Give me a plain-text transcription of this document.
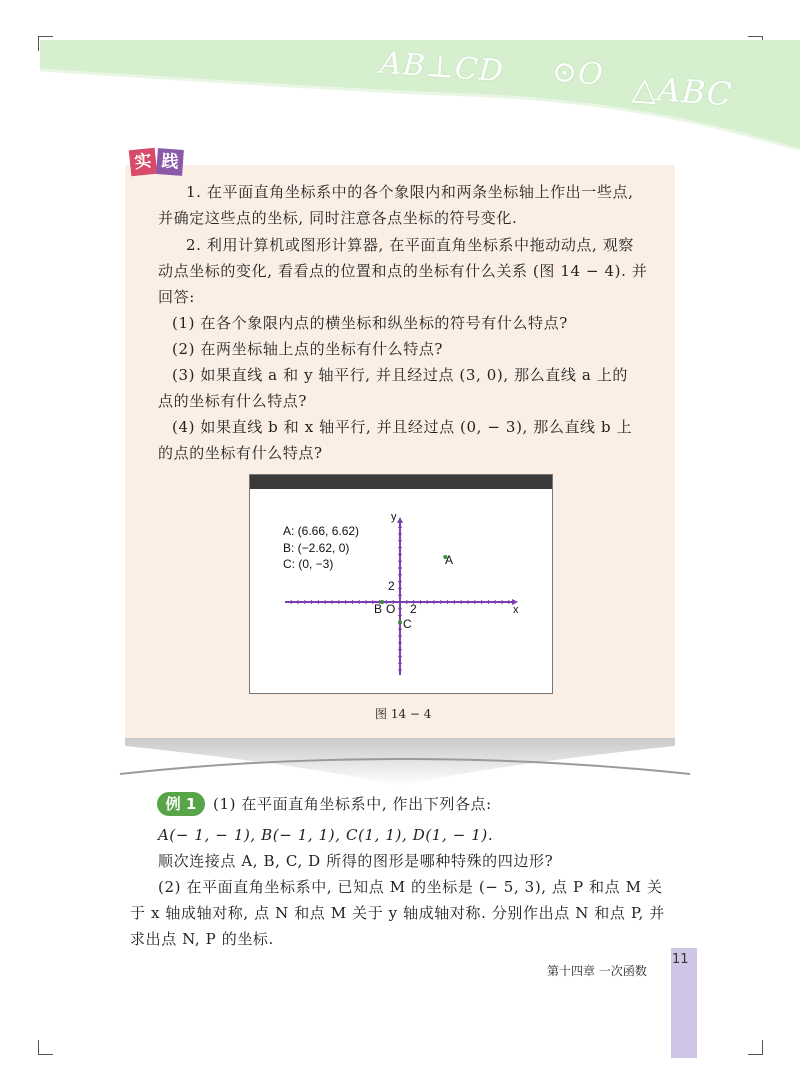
AB⊥CD ⊙O △ABC
实 践
1. 在平面直角坐标系中的各个象限内和两条坐标轴上作出一些点,
并确定这些点的坐标, 同时注意各点坐标的符号变化.
2. 利用计算机或图形计算器, 在平面直角坐标系中拖动动点, 观察
动点坐标的变化, 看看点的位置和点的坐标有什么关系 (图 14 − 4). 并
回答:
(1) 在各个象限内点的横坐标和纵坐标的符号有什么特点?
(2) 在两坐标轴上点的坐标有什么特点?
(3) 如果直线 a 和 y 轴平行, 并且经过点 (3, 0), 那么直线 a 上的
点的坐标有什么特点?
(4) 如果直线 b 和 x 轴平行, 并且经过点 (0, − 3), 那么直线 b 上
的点的坐标有什么特点?
A: (6.66, 6.62)
B: (−2.62, 0)
C: (0, −3)
x
y
2
2
A
B O
C
图 14 − 4
例 1	(1) 在平面直角坐标系中, 作出下列各点:
A(− 1, − 1), B(− 1, 1), C(1, 1), D(1, − 1).
顺次连接点 A, B, C, D 所得的图形是哪种特殊的四边形?
(2) 在平面直角坐标系中, 已知点 M 的坐标是 (− 5, 3), 点 P 和点 M 关
于 x 轴成轴对称, 点 N 和点 M 关于 y 轴成轴对称. 分别作出点 N 和点 P, 并
求出点 N, P 的坐标.
11
第十四章 一次函数
